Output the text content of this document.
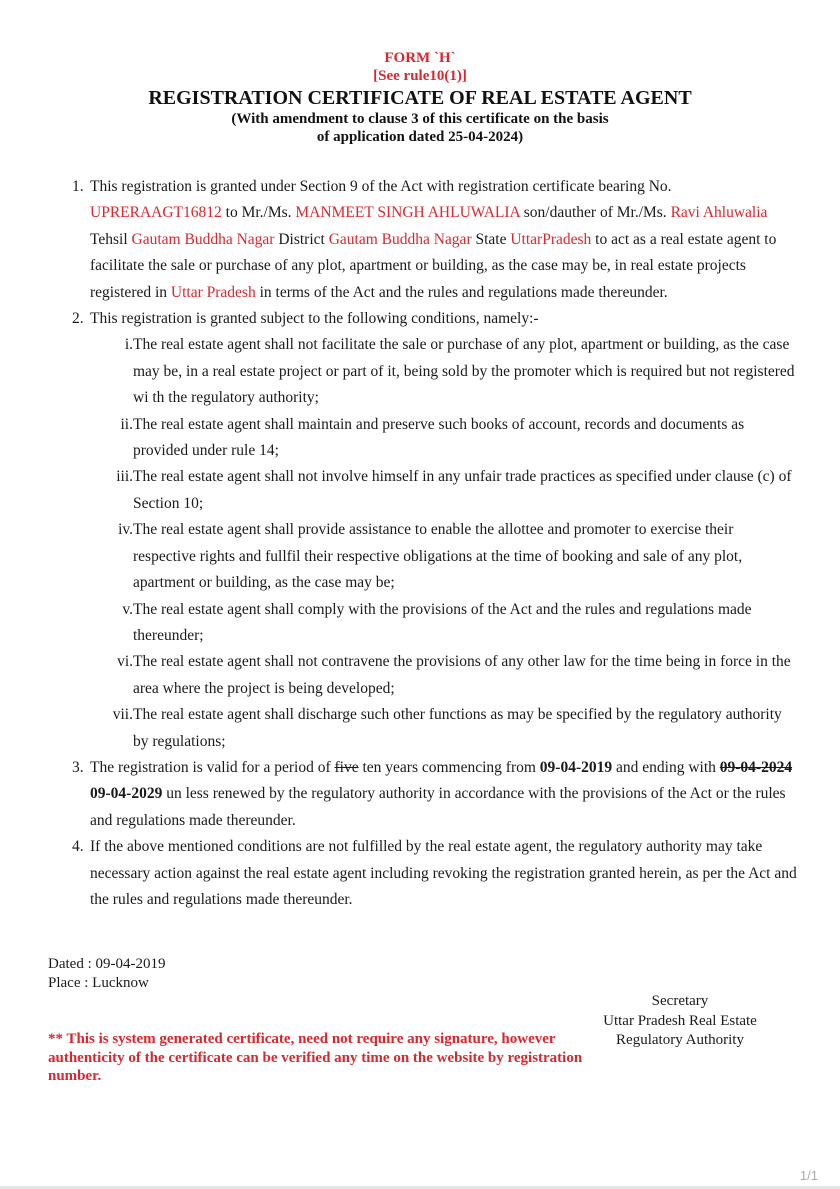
FORM `H`
[See rule10(1)]
REGISTRATION CERTIFICATE OF REAL ESTATE AGENT
(With amendment to clause 3 of this certificate on the basis
of application dated 25-04-2024)
1. This registration is granted under Section 9 of the Act with registration certificate bearing No. UPRERAAGT16812 to Mr./Ms. MANMEET SINGH AHLUWALIA son/dauther of Mr./Ms. Ravi Ahluwalia Tehsil Gautam Buddha Nagar District Gautam Buddha Nagar State UttarPradesh to act as a real estate agent to facilitate the sale or purchase of any plot, apartment or building, as the case may be, in real estate projects registered in Uttar Pradesh in terms of the Act and the rules and regulations made thereunder.
2. This registration is granted subject to the following conditions, namely:-
i. The real estate agent shall not facilitate the sale or purchase of any plot, apartment or building, as the case may be, in a real estate project or part of it, being sold by the promoter which is required but not registered wi th the regulatory authority;
ii. The real estate agent shall maintain and preserve such books of account, records and documents as provided under rule 14;
iii. The real estate agent shall not involve himself in any unfair trade practices as specified under clause (c) of Section 10;
iv. The real estate agent shall provide assistance to enable the allottee and promoter to exercise their respective rights and fullfil their respective obligations at the time of booking and sale of any plot, apartment or building, as the case may be;
v. The real estate agent shall comply with the provisions of the Act and the rules and regulations made thereunder;
vi. The real estate agent shall not contravene the provisions of any other law for the time being in force in the area where the project is being developed;
vii. The real estate agent shall discharge such other functions as may be specified by the regulatory authority by regulations;
3. The registration is valid for a period of five ten years commencing from 09-04-2019 and ending with 09-04-2024 09-04-2029 un less renewed by the regulatory authority in accordance with the provisions of the Act or the rules and regulations made thereunder.
4. If the above mentioned conditions are not fulfilled by the real estate agent, the regulatory authority may take necessary action against the real estate agent including revoking the registration granted herein, as per the Act and the rules and regulations made thereunder.
Dated : 09-04-2019
Place : Lucknow
Secretary
Uttar Pradesh Real Estate
Regulatory Authority
** This is system generated certificate, need not require any signature, however authenticity of the certificate can be verified any time on the website by registration number.
1/1
